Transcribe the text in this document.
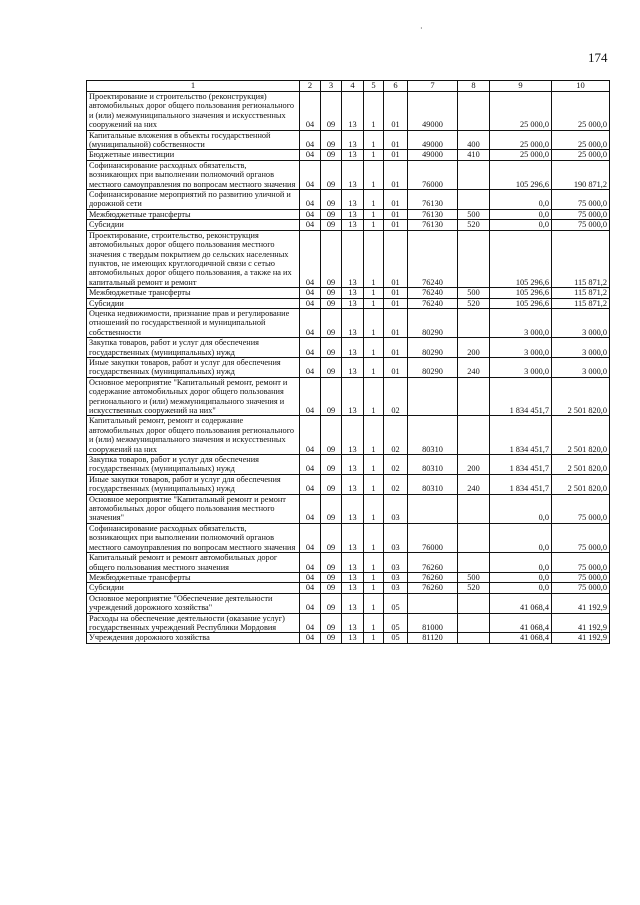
·
174
1	2	3	4	5	6	7	8	9	10
Проектирование и строительство (реконструкция) автомобильных дорог общего пользования регионального и (или) межмуниципального значения и искусственных сооружений на них	04	09	13	1	01	49000		25 000,0	25 000,0
Капитальные вложения в объекты государственной (муниципальной) собственности	04	09	13	1	01	49000	400	25 000,0	25 000,0
Бюджетные инвестиции	04	09	13	1	01	49000	410	25 000,0	25 000,0
Софинансирование расходных обязательств, возникающих при выполнении полномочий органов местного самоуправления по вопросам местного значения	04	09	13	1	01	76000		105 296,6	190 871,2
Софинансирование мероприятий по развитию уличной и дорожной сети	04	09	13	1	01	76130		0,0	75 000,0
Межбюджетные трансферты	04	09	13	1	01	76130	500	0,0	75 000,0
Субсидии	04	09	13	1	01	76130	520	0,0	75 000,0
Проектирование, строительство, реконструкция автомобильных дорог общего пользования местного значения с твердым покрытием до сельских населенных пунктов, не имеющих круглогодичной связи с сетью автомобильных дорог общего пользования, а также на их капитальный ремонт и ремонт	04	09	13	1	01	76240		105 296,6	115 871,2
Межбюджетные трансферты	04	09	13	1	01	76240	500	105 296,6	115 871,2
Субсидии	04	09	13	1	01	76240	520	105 296,6	115 871,2
Оценка недвижимости, признание прав и регулирование отношений по государственной и муниципальной собственности	04	09	13	1	01	80290		3 000,0	3 000,0
Закупка товаров, работ и услуг для обеспечения государственных (муниципальных) нужд	04	09	13	1	01	80290	200	3 000,0	3 000,0
Иные закупки товаров, работ и услуг для обеспечения государственных (муниципальных) нужд	04	09	13	1	01	80290	240	3 000,0	3 000,0
Основное мероприятие "Капитальный ремонт, ремонт и содержание автомобильных дорог общего пользования регионального и (или) межмуниципального значения и искусственных сооружений на них"	04	09	13	1	02			1 834 451,7	2 501 820,0
Капитальный ремонт, ремонт и содержание автомобильных дорог общего пользования регионального и (или) межмуниципального значения и искусственных сооружений на них	04	09	13	1	02	80310		1 834 451,7	2 501 820,0
Закупка товаров, работ и услуг для обеспечения государственных (муниципальных) нужд	04	09	13	1	02	80310	200	1 834 451,7	2 501 820,0
Иные закупки товаров, работ и услуг для обеспечения государственных (муниципальных) нужд	04	09	13	1	02	80310	240	1 834 451,7	2 501 820,0
Основное мероприятие "Капитальный ремонт и ремонт автомобильных дорог общего пользования местного значения"	04	09	13	1	03			0,0	75 000,0
Софинансирование расходных обязательств, возникающих при выполнении полномочий органов местного самоуправления по вопросам местного значения	04	09	13	1	03	76000		0,0	75 000,0
Капитальный ремонт и ремонт автомобильных дорог общего пользования местного значения	04	09	13	1	03	76260		0,0	75 000,0
Межбюджетные трансферты	04	09	13	1	03	76260	500	0,0	75 000,0
Субсидии	04	09	13	1	03	76260	520	0,0	75 000,0
Основное мероприятие "Обеспечение деятельности учреждений дорожного хозяйства"	04	09	13	1	05			41 068,4	41 192,9
Расходы на обеспечение деятельности (оказание услуг) государственных учреждений Республики Мордовия	04	09	13	1	05	81000		41 068,4	41 192,9
Учреждения дорожного хозяйства	04	09	13	1	05	81120		41 068,4	41 192,9
